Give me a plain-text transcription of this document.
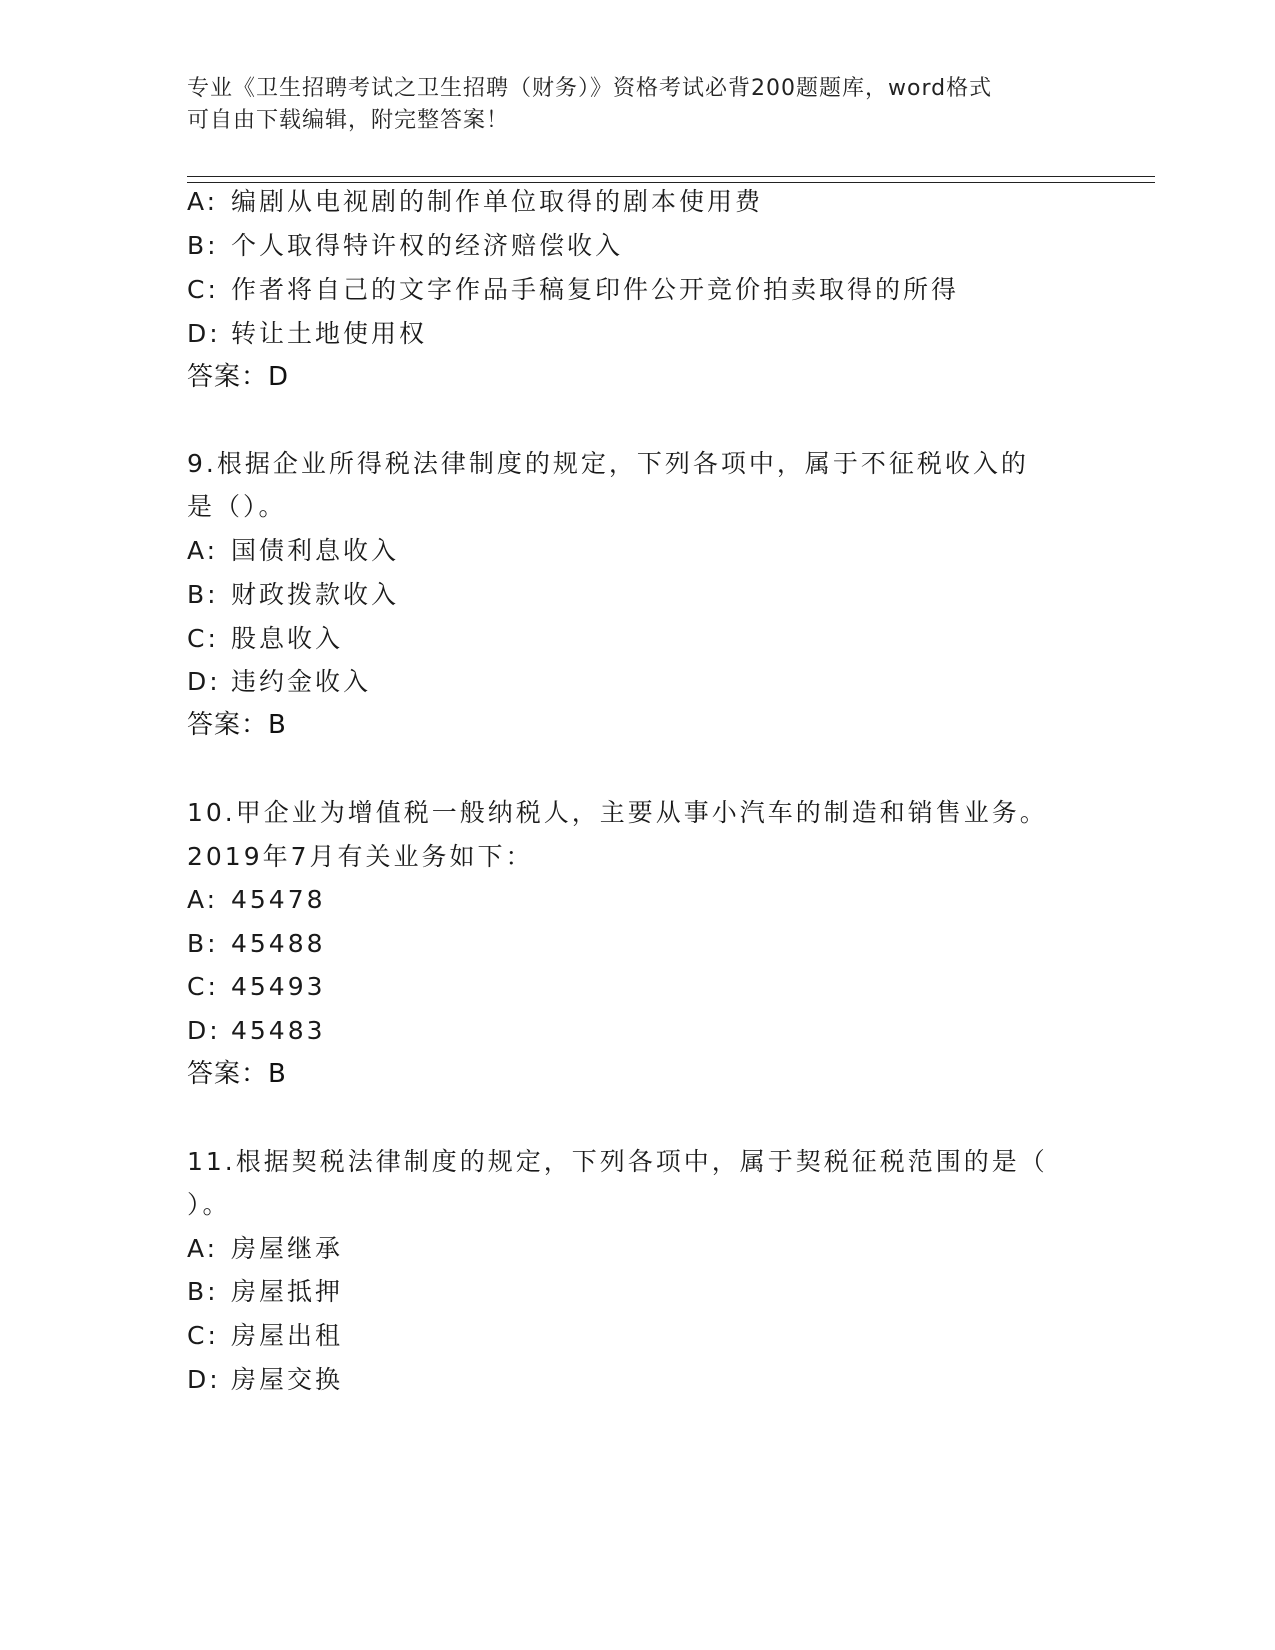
专业《卫生招聘考试之卫生招聘（财务）》资格考试必背200题题库，word格式
可自由下载编辑，附完整答案！
A: 编剧从电视剧的制作单位取得的剧本使用费
B: 个人取得特许权的经济赔偿收入
C: 作者将自己的文字作品手稿复印件公开竞价拍卖取得的所得
D: 转让土地使用权
答案：D
9.根据企业所得税法律制度的规定，下列各项中，属于不征税收入的
是（）。
A: 国债利息收入
B: 财政拨款收入
C: 股息收入
D: 违约金收入
答案：B
10.甲企业为增值税一般纳税人，主要从事小汽车的制造和销售业务。
2019年7月有关业务如下：
A: 45478
B: 45488
C: 45493
D: 45483
答案：B
11.根据契税法律制度的规定，下列各项中，属于契税征税范围的是（
）。
A: 房屋继承
B: 房屋抵押
C: 房屋出租
D: 房屋交换
